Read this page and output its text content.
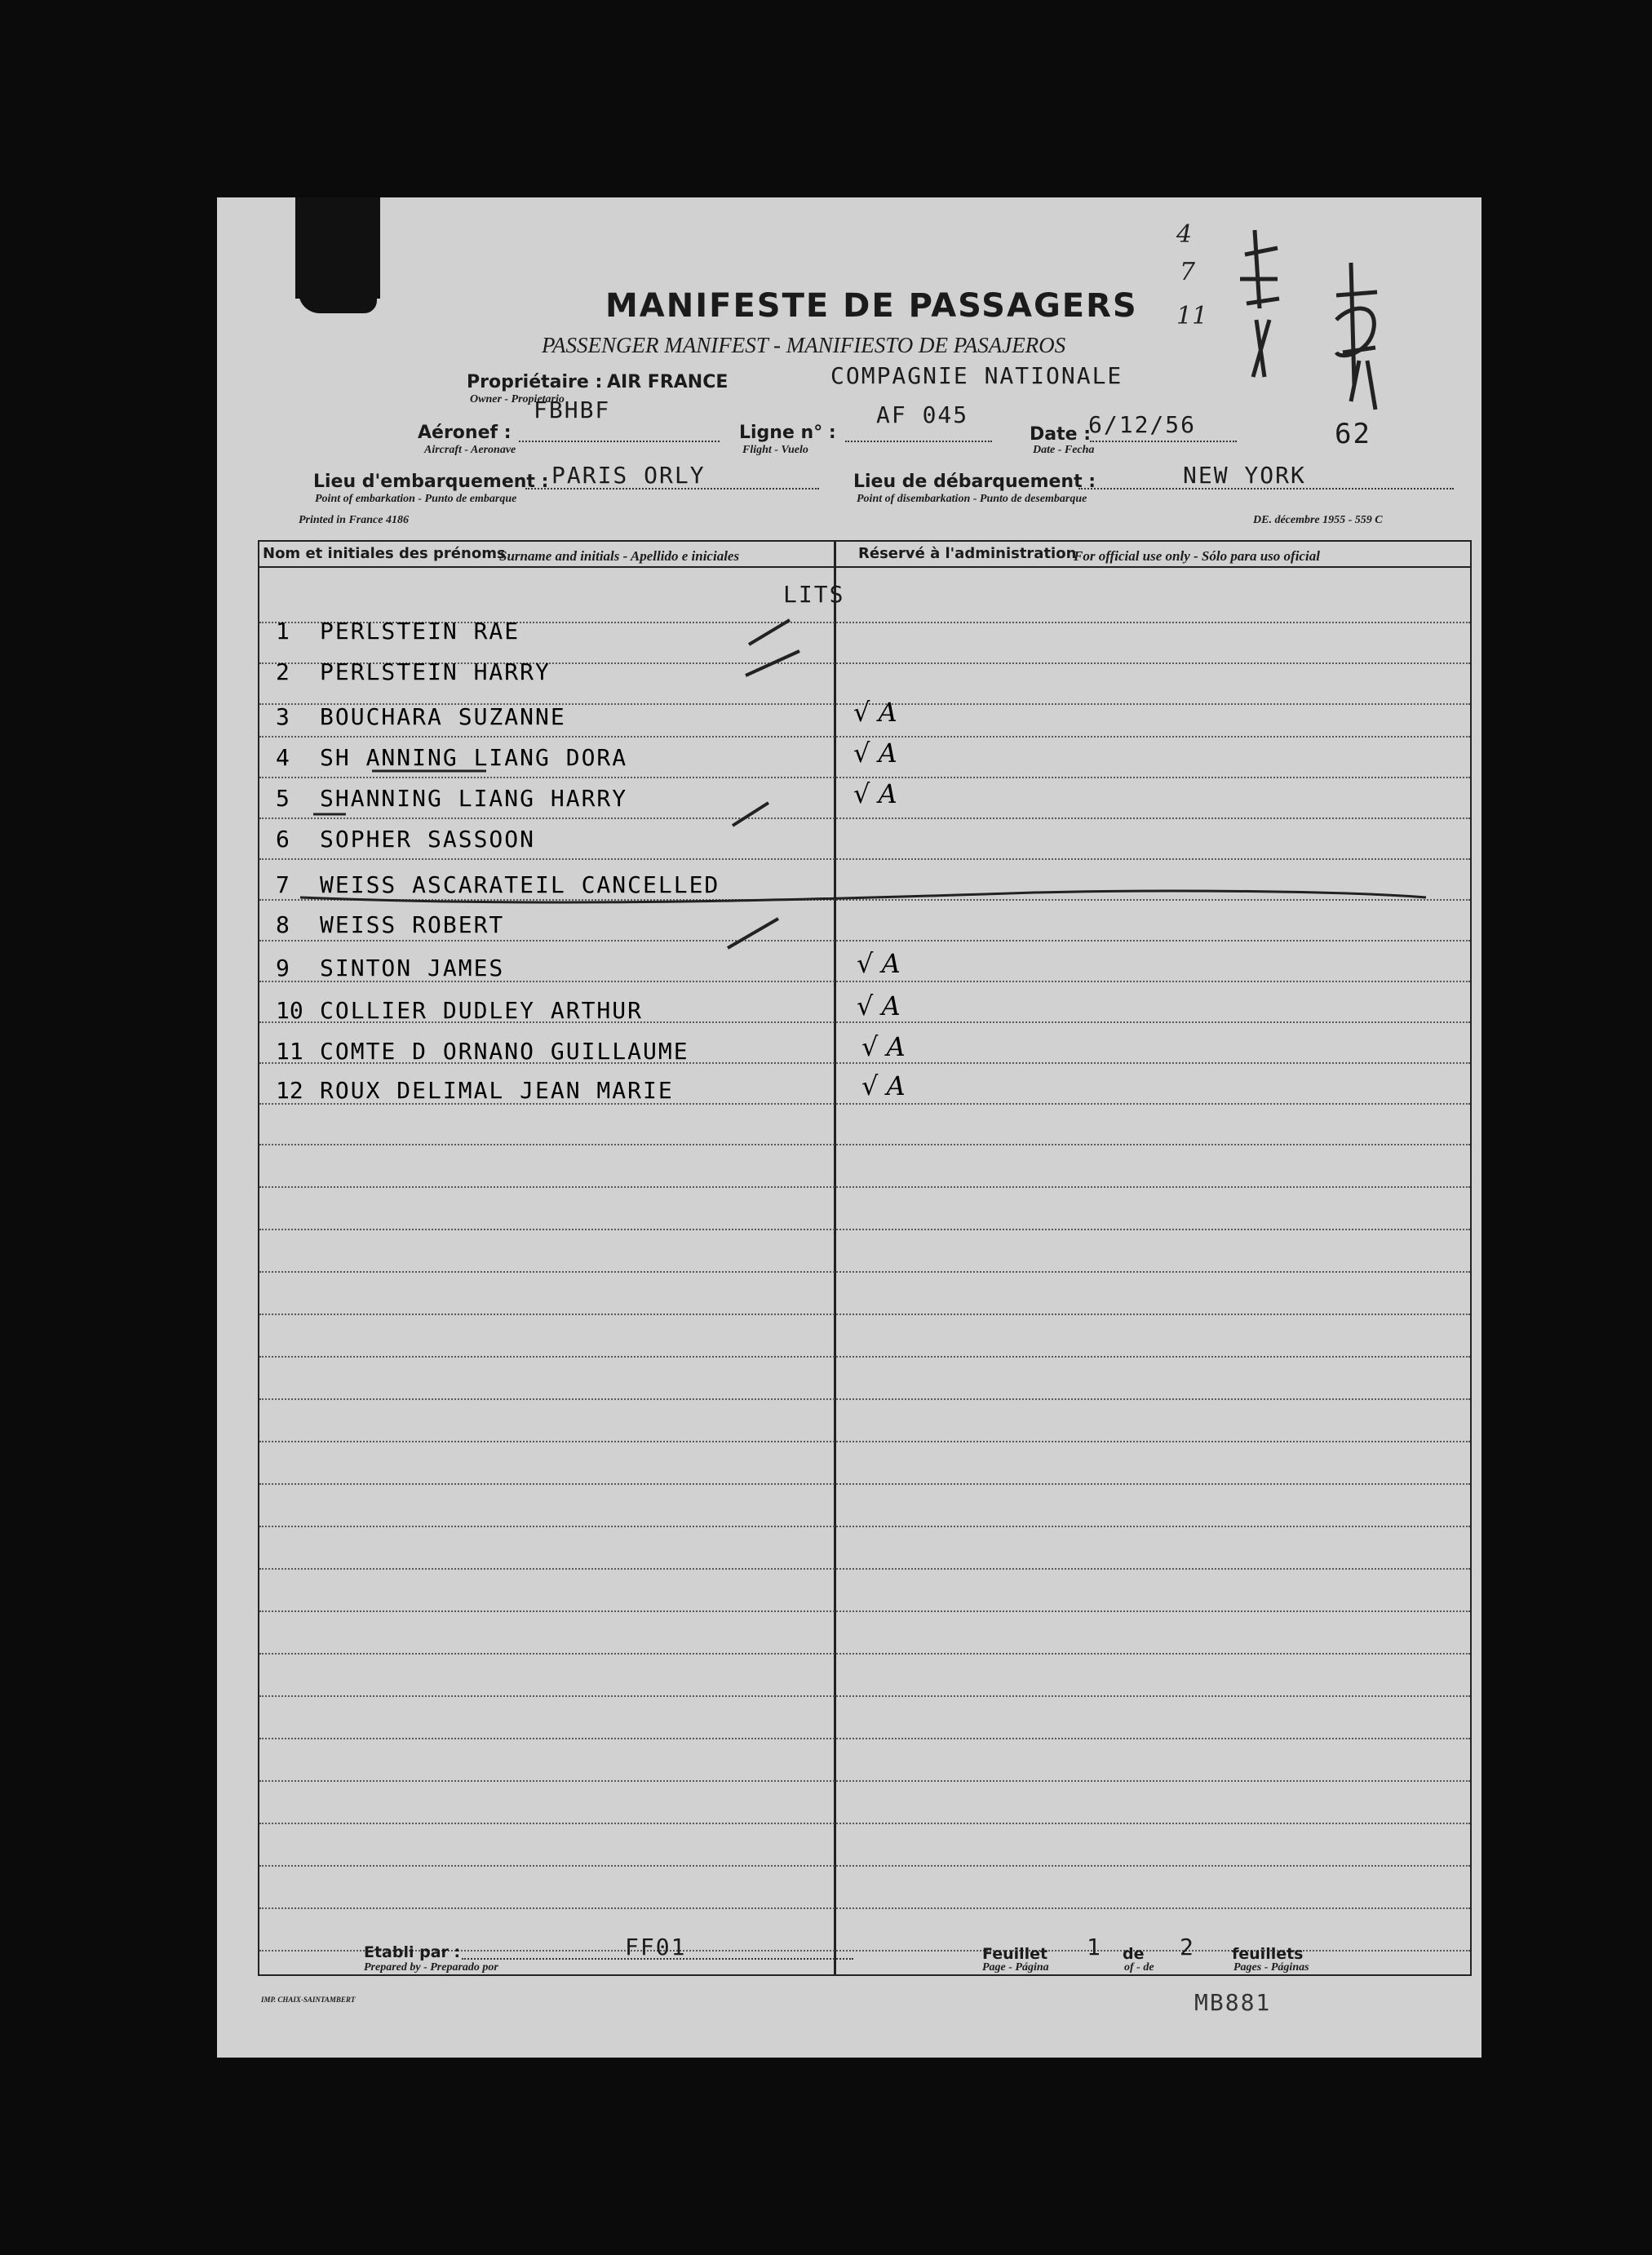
MANIFESTE DE PASSAGERS
PASSENGER MANIFEST - MANIFIESTO DE PASAJEROS
4
7
11
Propriétaire : AIR FRANCE	COMPAGNIE NATIONALE
Owner - Propietario
FBHBF
Aéronef :
Aircraft - Aeronave
Ligne n° :
AF 045
Flight - Vuelo
Date :
6/12/56
Date - Fecha	62
Lieu d'embarquement : PARIS ORLY
Point of embarkation - Punto de embarque
Lieu de débarquement :	NEW YORK
Point of disembarkation - Punto de desembarque
Printed in France 4186	DE. décembre 1955 - 559 C
Nom et initiales des prénoms
Surname and initials - Apellido e iniciales	Réservé à l'administration
For official use only - Sólo para uso oficial
LITS
1 PERLSTEIN RAE
2 PERLSTEIN HARRY
3 BOUCHARA SUZANNE	√ A
4 SH ANNING LIANG DORA	√ A
5 SHANNING LIANG HARRY	√ A
6 SOPHER SASSOON
7 WEISS ASCARATEIL CANCELLED
8 WEISS ROBERT
9 SINTON JAMES	√ A
10 COLLIER DUDLEY ARTHUR	√ A
11 COMTE D ORNANO GUILLAUME	√ A
12 ROUX DELIMAL JEAN MARIE	√ A
Etabli par :
Prepared by - Preparado por
FF01	Feuillet
Page - Página
1 de
of - de
2 feuillets
Pages - Páginas
MB881
IMP. CHAIX-SAINTAMBERT
